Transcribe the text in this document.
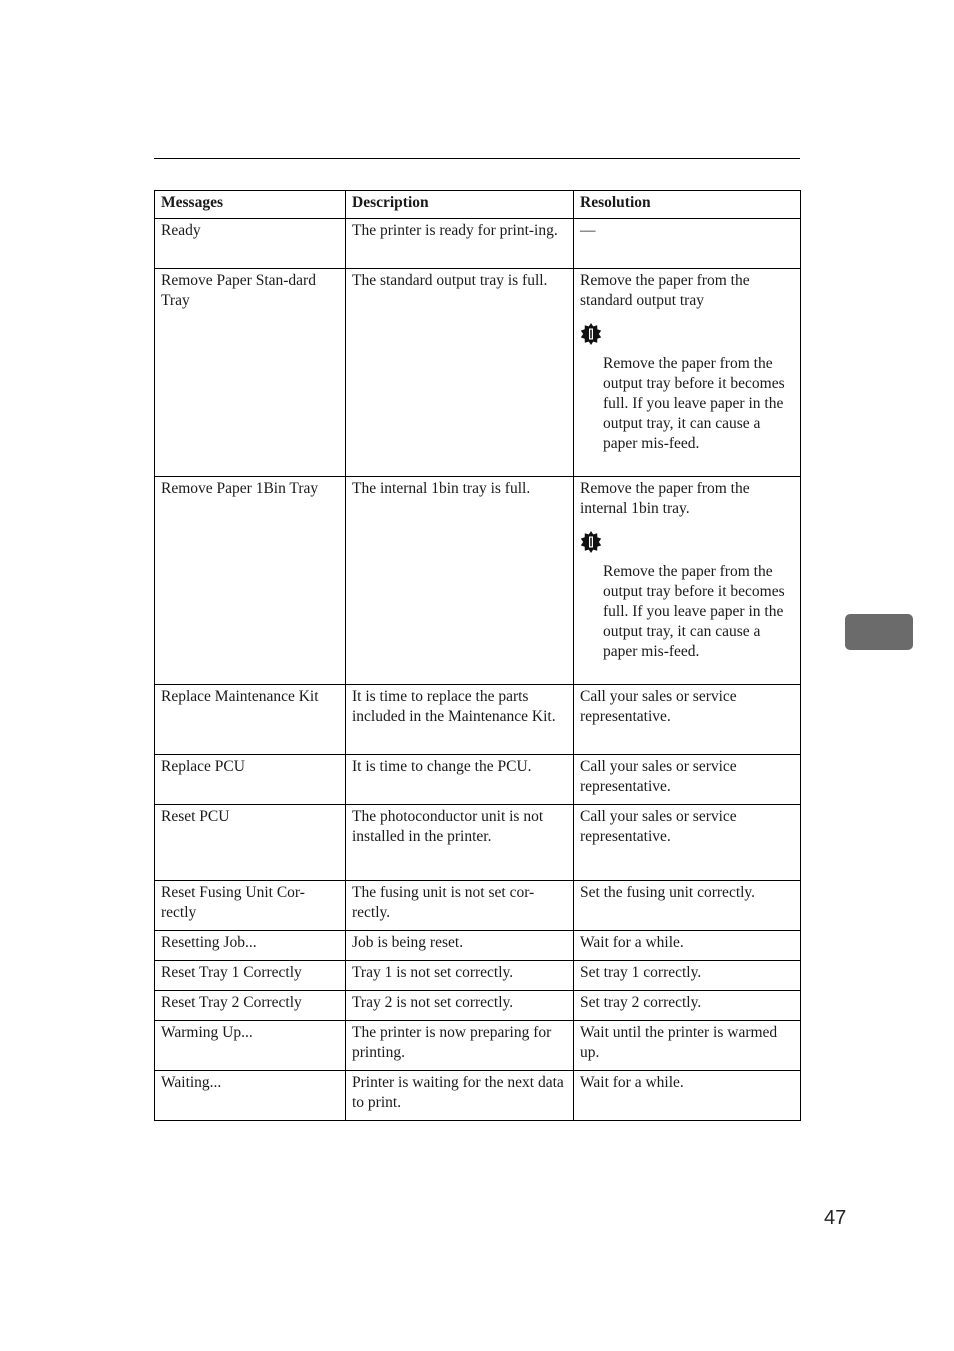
Messages	Description	Resolution
Ready	The printer is ready for print-ing.	—
Remove Paper Stan-dard Tray	The standard output tray is full.	Remove the paper from the standard output tray
Remove the paper from the output tray before it becomes full. If you leave paper in the output tray, it can cause a paper mis-feed.

Remove Paper 1Bin Tray	The internal 1bin tray is full.	Remove the paper from the internal 1bin tray.
Remove the paper from the output tray before it becomes full. If you leave paper in the output tray, it can cause a paper mis-feed.

Replace Maintenance Kit	It is time to replace the parts included in the Maintenance Kit.	Call your sales or service representative.
Replace PCU	It is time to change the PCU.	Call your sales or service representative.
Reset PCU	The photoconductor unit is not installed in the printer.	Call your sales or service representative.
Reset Fusing Unit Cor-rectly	The fusing unit is not set cor-rectly.	Set the fusing unit correctly.
Resetting Job...	Job is being reset.	Wait for a while.
Reset Tray 1 Correctly	Tray 1 is not set correctly.	Set tray 1 correctly.
Reset Tray 2 Correctly	Tray 2 is not set correctly.	Set tray 2 correctly.
Warming Up...	The printer is now preparing for printing.	Wait until the printer is warmed up.
Waiting...	Printer is waiting for the next data to print.	Wait for a while.
47
